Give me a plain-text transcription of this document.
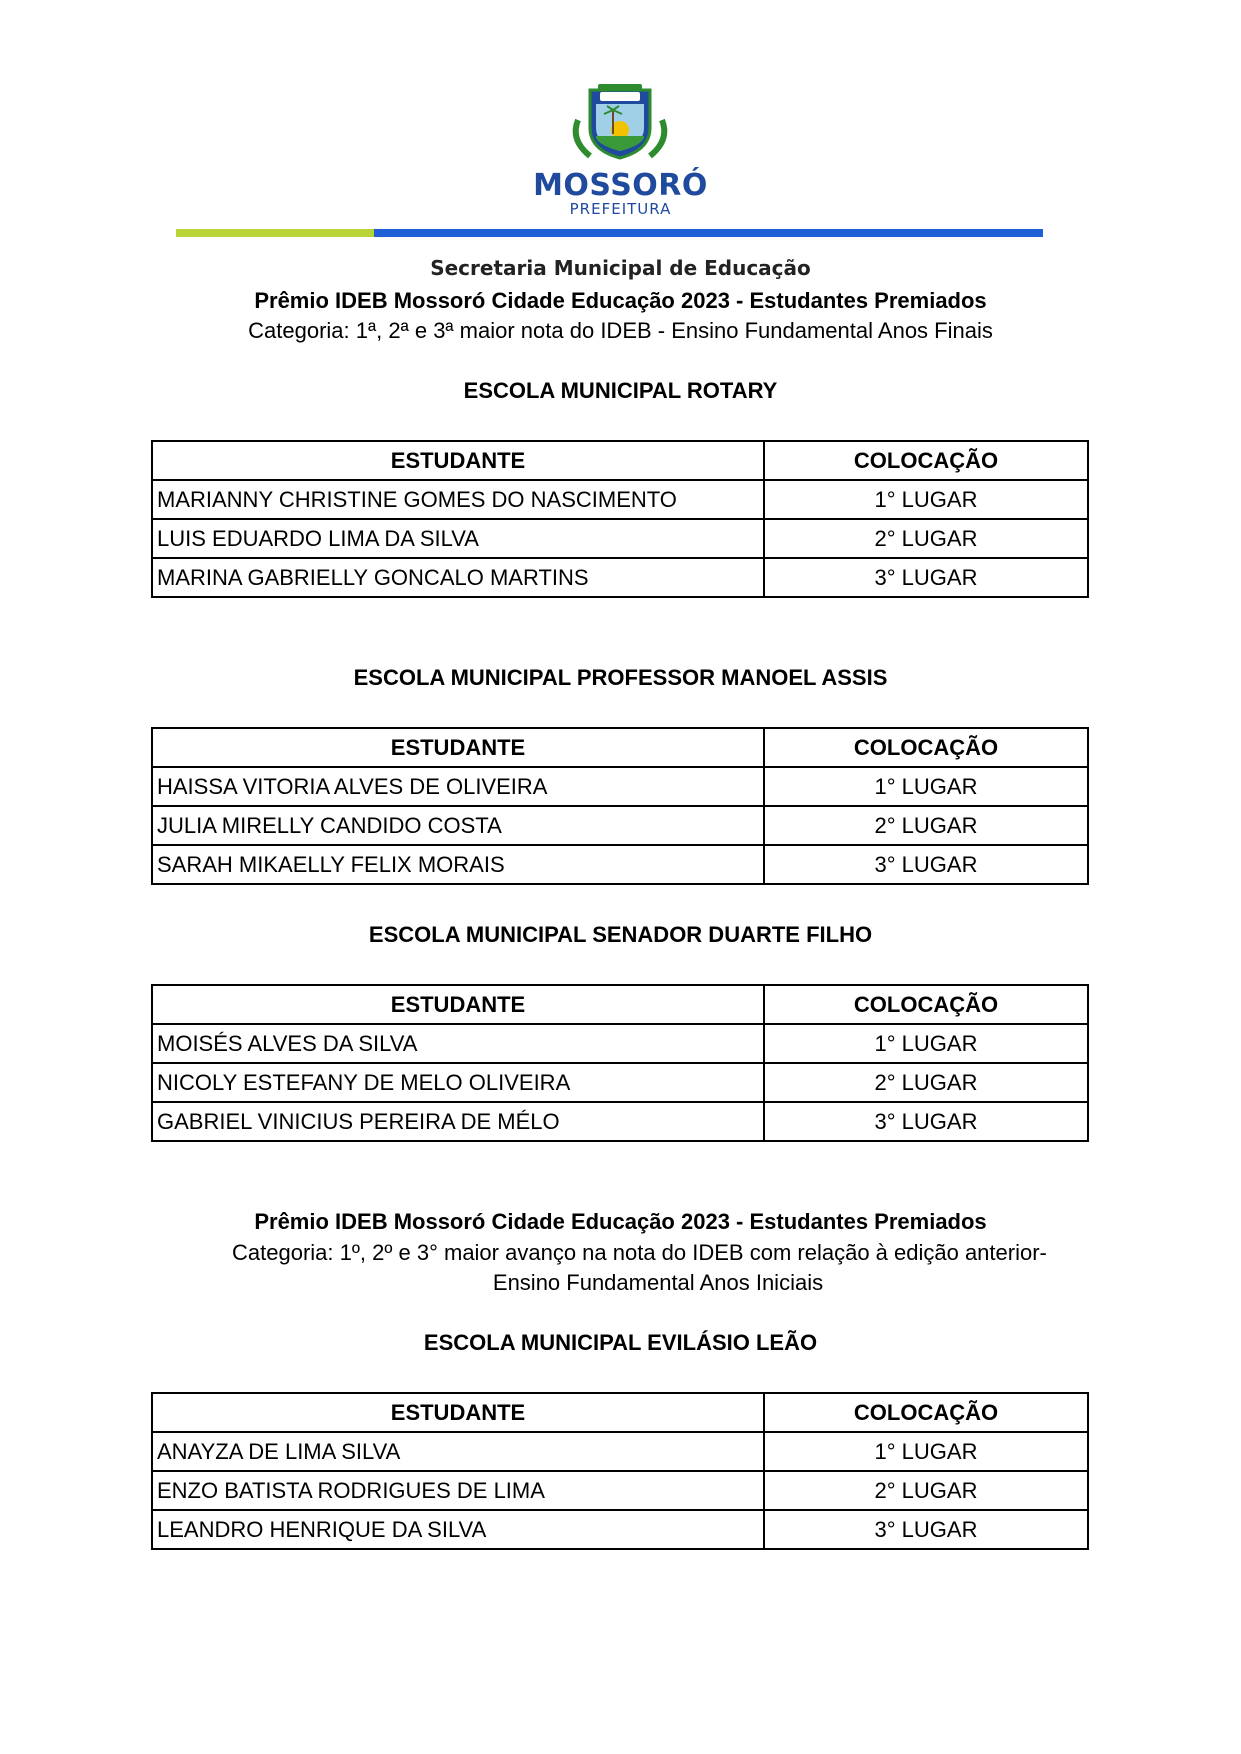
MOSSORÓ
PREFEITURA
Secretaria Municipal de Educação
Prêmio IDEB Mossoró Cidade Educação 2023 - Estudantes Premiados
Categoria: 1ª, 2ª e 3ª maior nota do IDEB - Ensino Fundamental Anos Finais
ESCOLA MUNICIPAL ROTARY
ESTUDANTE	COLOCAÇÃO
MARIANNY CHRISTINE GOMES DO NASCIMENTO	1° LUGAR
LUIS EDUARDO LIMA DA SILVA	2° LUGAR
MARINA GABRIELLY GONCALO MARTINS	3° LUGAR
ESCOLA MUNICIPAL PROFESSOR MANOEL ASSIS
ESTUDANTE	COLOCAÇÃO
HAISSA VITORIA ALVES DE OLIVEIRA	1° LUGAR
JULIA MIRELLY CANDIDO COSTA	2° LUGAR
SARAH MIKAELLY FELIX MORAIS	3° LUGAR
ESCOLA MUNICIPAL SENADOR DUARTE FILHO
ESTUDANTE	COLOCAÇÃO
MOISÉS ALVES DA SILVA	1° LUGAR
NICOLY ESTEFANY DE MELO OLIVEIRA	2° LUGAR
GABRIEL VINICIUS PEREIRA DE MÉLO	3° LUGAR
Prêmio IDEB Mossoró Cidade Educação 2023 - Estudantes Premiados
Categoria: 1º, 2º e 3° maior avanço na nota do IDEB com relação à edição anterior-
Ensino Fundamental Anos Iniciais
ESCOLA MUNICIPAL EVILÁSIO LEÃO
ESTUDANTE	COLOCAÇÃO
ANAYZA DE LIMA SILVA	1° LUGAR
ENZO BATISTA RODRIGUES DE LIMA	2° LUGAR
LEANDRO HENRIQUE DA SILVA	3° LUGAR
